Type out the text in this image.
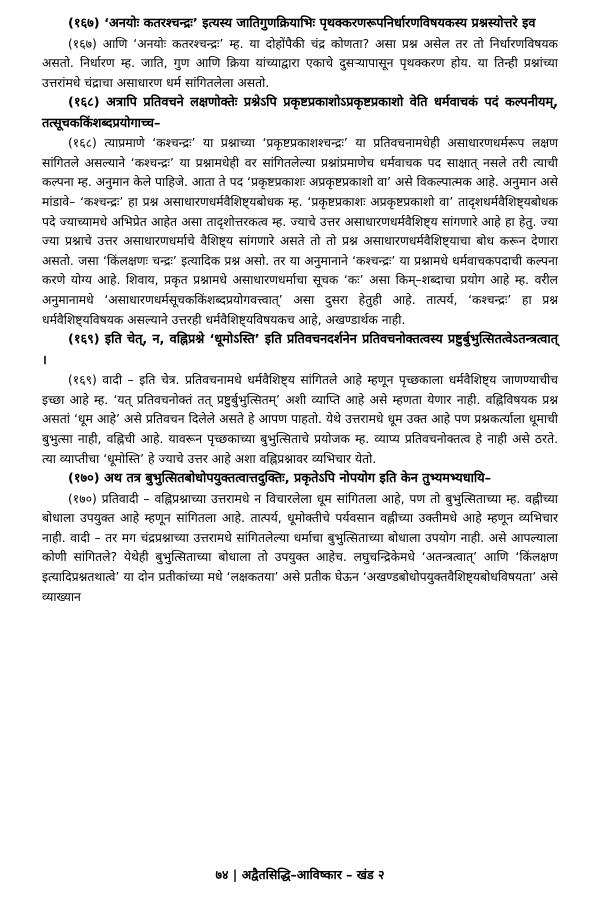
(१६७) ‘अनयोः कतरश्चन्द्रः’ इत्यस्य जातिगुणक्रियाभिः पृथक्करणरूपनिर्धारणविषयकस्य प्रश्नस्योत्तरे इव

(१६७) आणि ‘अनयोः कतरश्चन्द्रः’ म्ह. या दोहोंपैकी चंद्र कोणता? असा प्रश्न असेल तर तो निर्धारणविषयक असतो. निर्धारण म्ह. जाति, गुण आणि क्रिया यांच्याद्वारा एकाचे दुसऱ्यापासून पृथक्करण होय. या तिन्ही प्रश्नांच्या उत्तरांमधे चंद्राचा असाधारण धर्म सांगितलेला असतो.

(१६८) अत्रापि प्रतिवचने लक्षणोक्तेः प्रश्नेऽपि प्रकृष्टप्रकाशोऽप्रकृष्टप्रकाशो वेति धर्मवाचकं पदं कल्पनीयम्, तत्सूचककिंशब्दप्रयोगाच्च–

(१६८) त्याप्रमाणे ‘कश्चन्द्रः’ या प्रश्नाच्या ‘प्रकृष्टप्रकाशश्चन्द्रः’ या प्रतिवचनामधेही असाधारणधर्मरूप लक्षण सांगितले असल्याने ‘कश्चन्द्रः’ या प्रश्नामधेही वर सांगितलेल्या प्रश्नांप्रमाणेच धर्मवाचक पद साक्षात् नसले तरी त्याची कल्पना म्ह. अनुमान केले पाहिजे. आता ते पद ‘प्रकृष्टप्रकाशः अप्रकृष्टप्रकाशो वा’ असे विकल्पात्मक आहे. अनुमान असे मांडावे– ‘कश्चन्द्रः’ हा प्रश्न असाधारणधर्मवैशिष्ट्यबोधक म्ह. ‘प्रकृष्टप्रकाशः अप्रकृष्टप्रकाशो वा’ तादृशधर्मवैशिष्ट्यबोधक पदे ज्याच्यामधे अभिप्रेत आहेत असा तादृशोत्तरकत्व म्ह. ज्याचे उत्तर असाधारणधर्मवैशिष्ट्य सांगणारे आहे हा हेतु. ज्या ज्या प्रश्नाचे उत्तर असाधारणधर्माचे वैशिष्ट्य सांगणारे असते तो तो प्रश्न असाधारणधर्मवैशिष्ट्याचा बोध करून देणारा असतो. जसा ‘किंलक्षणः चन्द्रः’ इत्यादिक प्रश्न असो. तर या अनुमानाने ‘कश्चन्द्रः’ या प्रश्नामधे धर्मवाचकपदाची कल्पना करणे योग्य आहे. शिवाय, प्रकृत प्रश्नामधे असाधारणधर्माचा सूचक ‘कः’ असा किम्–शब्दाचा प्रयोग आहे म्ह. वरील अनुमानामधे ‘असाधारणधर्मसूचककिंशब्दप्रयोगवत्त्वात्’ असा दुसरा हेतुही आहे. तात्पर्य, ‘कश्चन्द्रः’ हा प्रश्न धर्मवैशिष्ट्यविषयक असल्याने उत्तरही धर्मवैशिष्ट्यविषयकच आहे, अखण्डार्थक नाही.

(१६९) इति चेत्, न, वह्निप्रश्ने ‘धूमोऽस्ति’ इति प्रतिवचनदर्शनेन प्रतिवचनोक्तत्वस्य प्रष्टुर्बुभुत्सितत्वेऽतन्त्रत्वात् ।

(१६९) वादी – इति चेत्र. प्रतिवचनामधे धर्मवैशिष्ट्य सांगितले आहे म्हणून पृच्छकाला धर्मवैशिष्ट्य जाणण्याचीच इच्छा आहे म्ह. ‘यत् प्रतिवचनोक्तं तत् प्रष्टुर्बुभुत्सितम्’ अशी व्याप्ति आहे असे म्हणता येणार नाही. वह्निविषयक प्रश्न असतां ‘धूम आहे’ असे प्रतिवचन दिलेले असते हे आपण पाहतो. येथे उत्तरामधे धूम उक्त आहे पण प्रश्नकर्त्याला धूमाची बुभुत्सा नाही, वह्निची आहे. यावरून पृच्छकाच्या बुभुत्सिताचे प्रयोजक म्ह. व्याप्य प्रतिवचनोक्तत्व हे नाही असे ठरते. त्या व्याप्तीचा ‘धूमोस्ति’ हे ज्याचे उत्तर आहे अशा वह्निप्रश्नावर व्यभिचार येतो.

(१७०) अथ तत्र बुभुत्सितबोधोपयुक्तत्वात्तदुक्तिः, प्रकृतेऽपि नोपयोग इति केन तुभ्यमभ्यधायि–

(१७०) प्रतिवादी – वह्निप्रश्नाच्या उत्तरामधे न विचारलेला धूम सांगितला आहे, पण तो बुभुत्सिताच्या म्ह. वह्नीच्या बोधाला उपयुक्त आहे म्हणून सांगितला आहे. तात्पर्य, धूमोक्तीचे पर्यवसान वह्नीच्या उक्तीमधे आहे म्हणून व्यभिचार नाही. वादी – तर मग चंद्रप्रश्नाच्या उत्तरामधे सांगितलेल्या धर्माचा बुभुत्सिताच्या बोधाला उपयोग नाही. असे आपल्याला कोणी सांगितले? येथेही बुभुत्सिताच्या बोधाला तो उपयुक्त आहेच. लघुचन्द्रिकेमधे ‘अतन्त्रत्वात्’ आणि ‘किंलक्षण इत्यादिप्रश्नतथात्वे’ या दोन प्रतीकांच्या मधे ‘लक्षकतया’ असे प्रतीक घेऊन ‘अखण्डबोधोपयुक्तवैशिष्ट्यबोधविषयता’ असे व्याख्यान

७४ | अद्वैतसिद्धि–आविष्कार – खंड २
